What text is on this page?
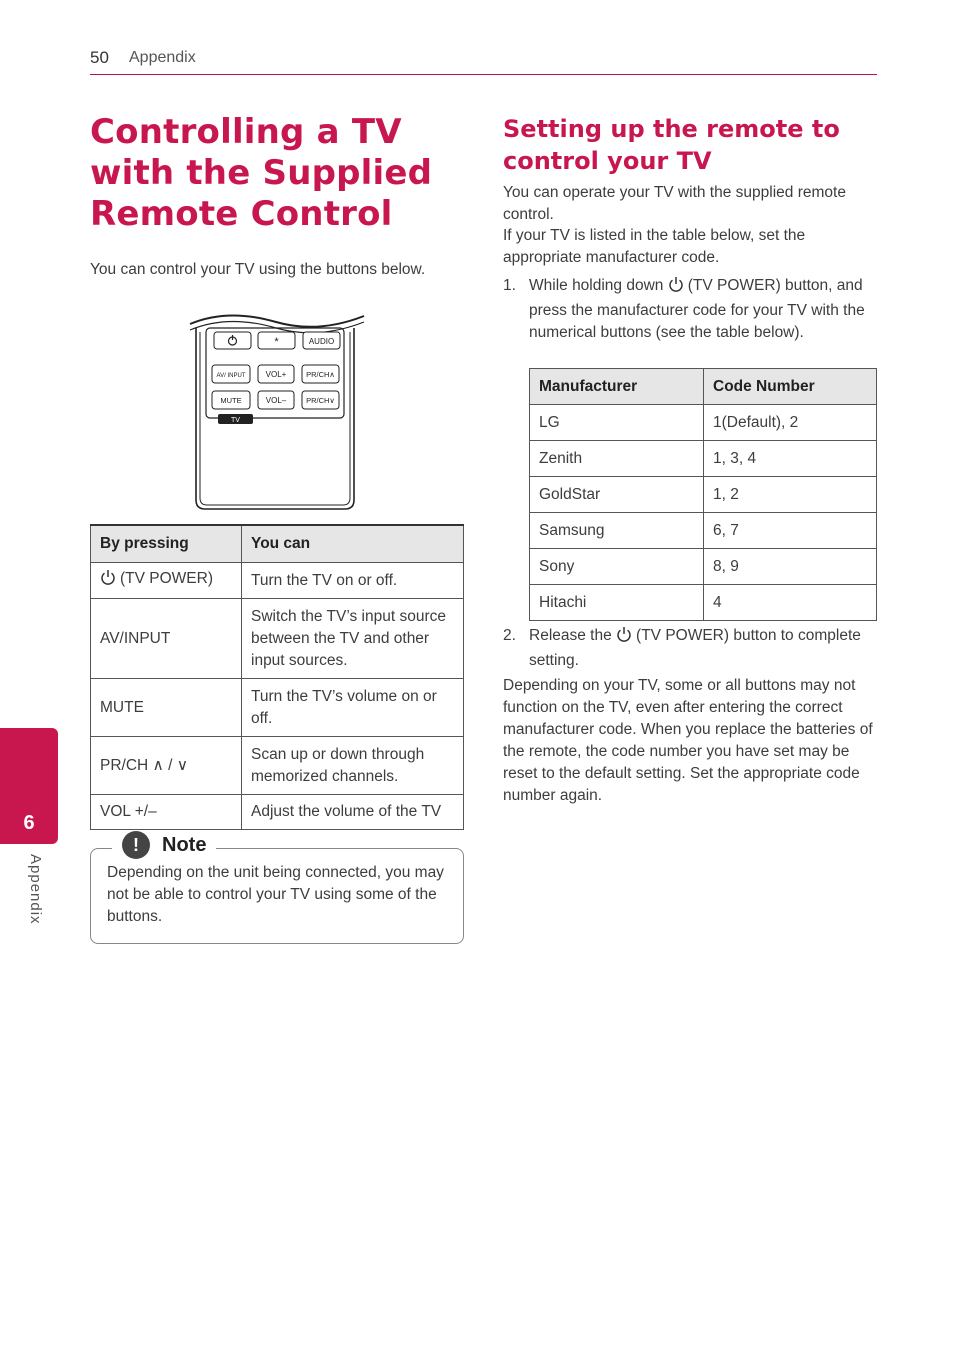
50 Appendix
Controlling a TV with the Supplied Remote Control
You can control your TV using the buttons below.
*	AUDIO
AV/ INPUT	VOL+	PR/CH∧
MUTE	VOL–	PR/CH∨
TV
By pressing	You can
(TV POWER)	Turn the TV on or off.
AV/INPUT	Switch the TV’s input source between the TV and other input sources.
MUTE	Turn the TV’s volume on or off.
PR/CH ∧ / ∨	Scan up or down through memorized channels.
VOL +/–	Adjust the volume of the TV
!	Note
Depending on the unit being connected, you may not be able to control your TV using some of the buttons.
Setting up the remote to control your TV
You can operate your TV with the supplied remote control.
If your TV is listed in the table below, set the appropriate manufacturer code.
1. While holding down (TV POWER) button, and press the manufacturer code for your TV with the numerical buttons (see the table below).
Manufacturer	Code Number
LG	1(Default), 2
Zenith	1, 3, 4
GoldStar	1, 2
Samsung	6, 7
Sony	8, 9
Hitachi	4
2. Release the (TV POWER) button to complete setting.
Depending on your TV, some or all buttons may not function on the TV, even after entering the correct manufacturer code. When you replace the batteries of the remote, the code number you have set may be reset to the default setting. Set the appropriate code number again.
6
Appendix
